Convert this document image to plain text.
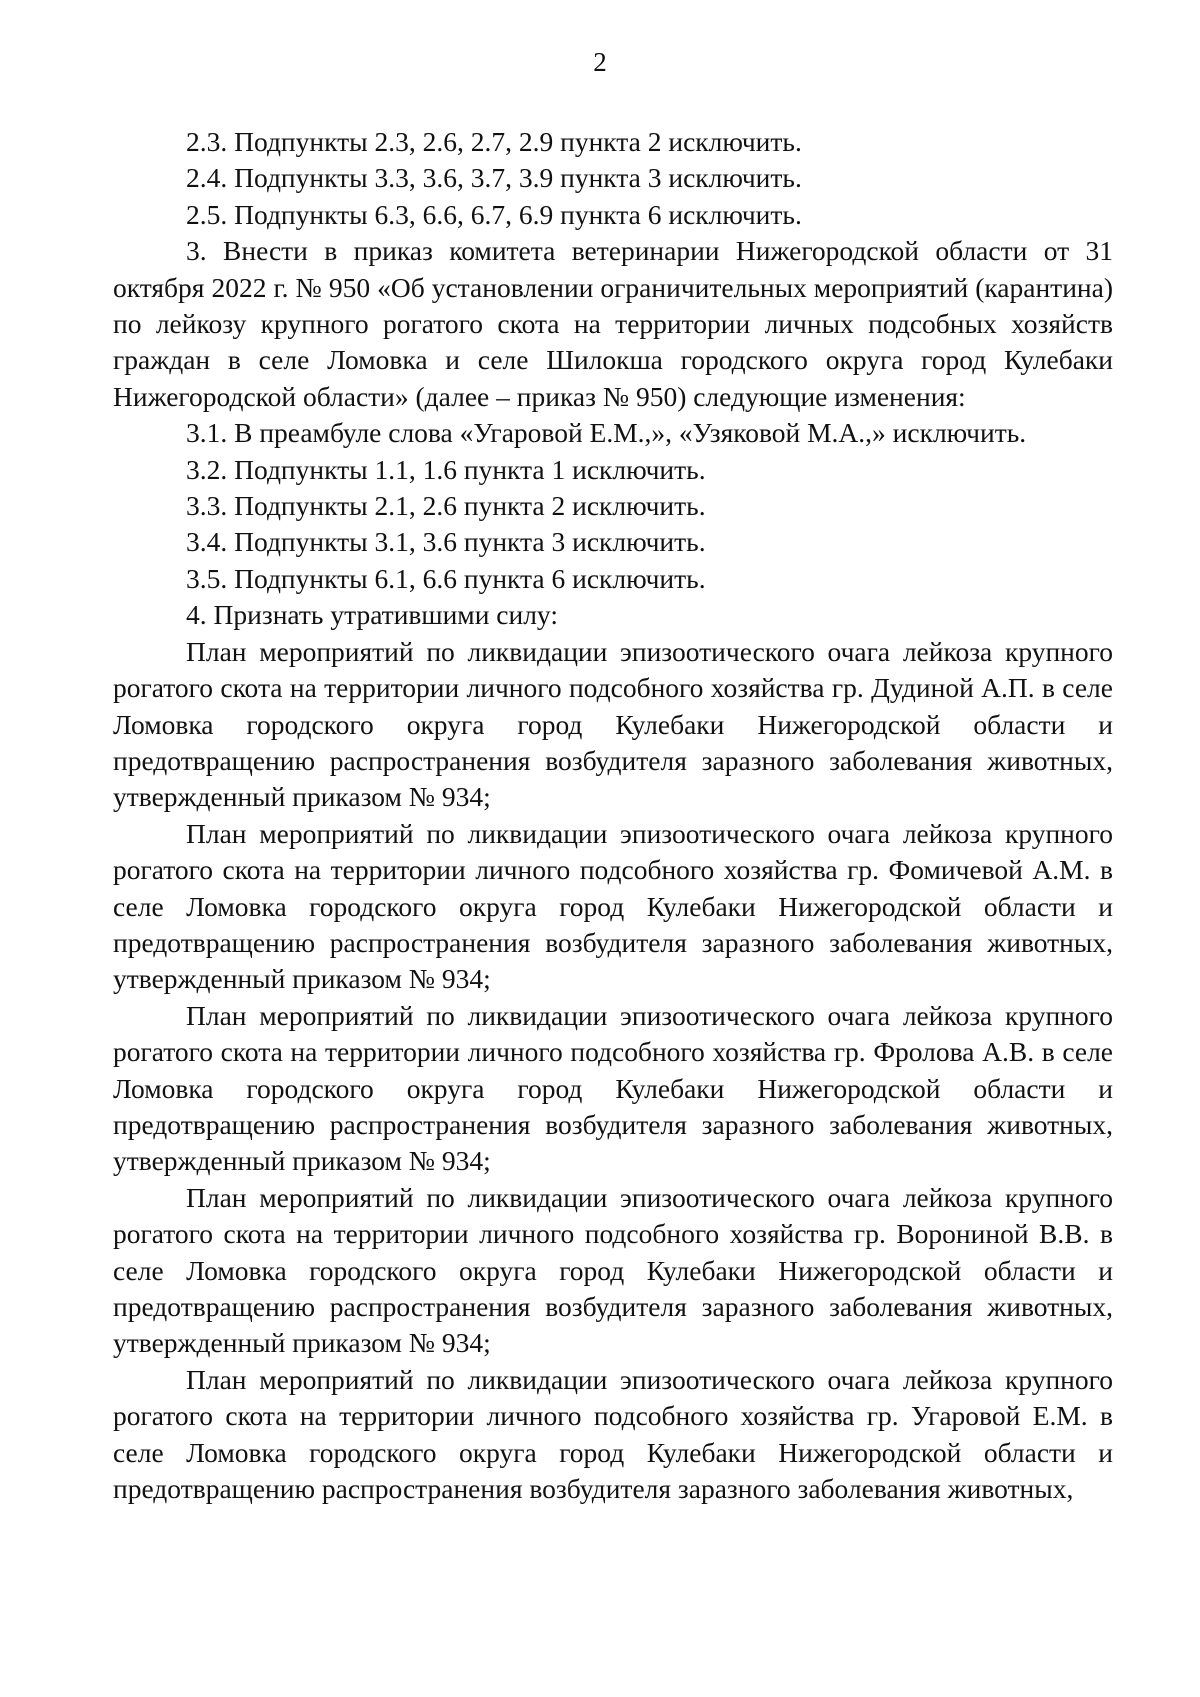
2

2.3. Подпункты 2.3, 2.6, 2.7, 2.9 пункта 2 исключить.

2.4. Подпункты 3.3, 3.6, 3.7, 3.9 пункта 3 исключить.

2.5. Подпункты 6.3, 6.6, 6.7, 6.9 пункта 6 исключить.

3. Внести в приказ комитета ветеринарии Нижегородской области от 31 октября 2022 г. № 950 «Об установлении ограничительных мероприятий (карантина) по лейкозу крупного рогатого скота на территории личных подсобных хозяйств граждан в селе Ломовка и селе Шилокша городского округа город Кулебаки Нижегородской области» (далее – приказ № 950) следующие изменения:

3.1. В преамбуле слова «Угаровой Е.М.,», «Узяковой М.А.,» исключить.

3.2. Подпункты 1.1, 1.6 пункта 1 исключить.

3.3. Подпункты 2.1, 2.6 пункта 2 исключить.

3.4. Подпункты 3.1, 3.6 пункта 3 исключить.

3.5. Подпункты 6.1, 6.6 пункта 6 исключить.

4. Признать утратившими силу:

План мероприятий по ликвидации эпизоотического очага лейкоза крупного рогатого скота на территории личного подсобного хозяйства гр. Дудиной А.П. в селе Ломовка городского округа город Кулебаки Нижегородской области и предотвращению распространения возбудителя заразного заболевания животных, утвержденный приказом № 934;

План мероприятий по ликвидации эпизоотического очага лейкоза крупного рогатого скота на территории личного подсобного хозяйства гр. Фомичевой А.М. в селе Ломовка городского округа город Кулебаки Нижегородской области и предотвращению распространения возбудителя заразного заболевания животных, утвержденный приказом № 934;

План мероприятий по ликвидации эпизоотического очага лейкоза крупного рогатого скота на территории личного подсобного хозяйства гр. Фролова А.В. в селе Ломовка городского округа город Кулебаки Нижегородской области и предотвращению распространения возбудителя заразного заболевания животных, утвержденный приказом № 934;

План мероприятий по ликвидации эпизоотического очага лейкоза крупного рогатого скота на территории личного подсобного хозяйства гр. Ворониной В.В. в селе Ломовка городского округа город Кулебаки Нижегородской области и предотвращению распространения возбудителя заразного заболевания животных, утвержденный приказом № 934;

План мероприятий по ликвидации эпизоотического очага лейкоза крупного рогатого скота на территории личного подсобного хозяйства гр. Угаровой Е.М. в селе Ломовка городского округа город Кулебаки Нижегородской области и предотвращению распространения возбудителя заразного заболевания животных,
